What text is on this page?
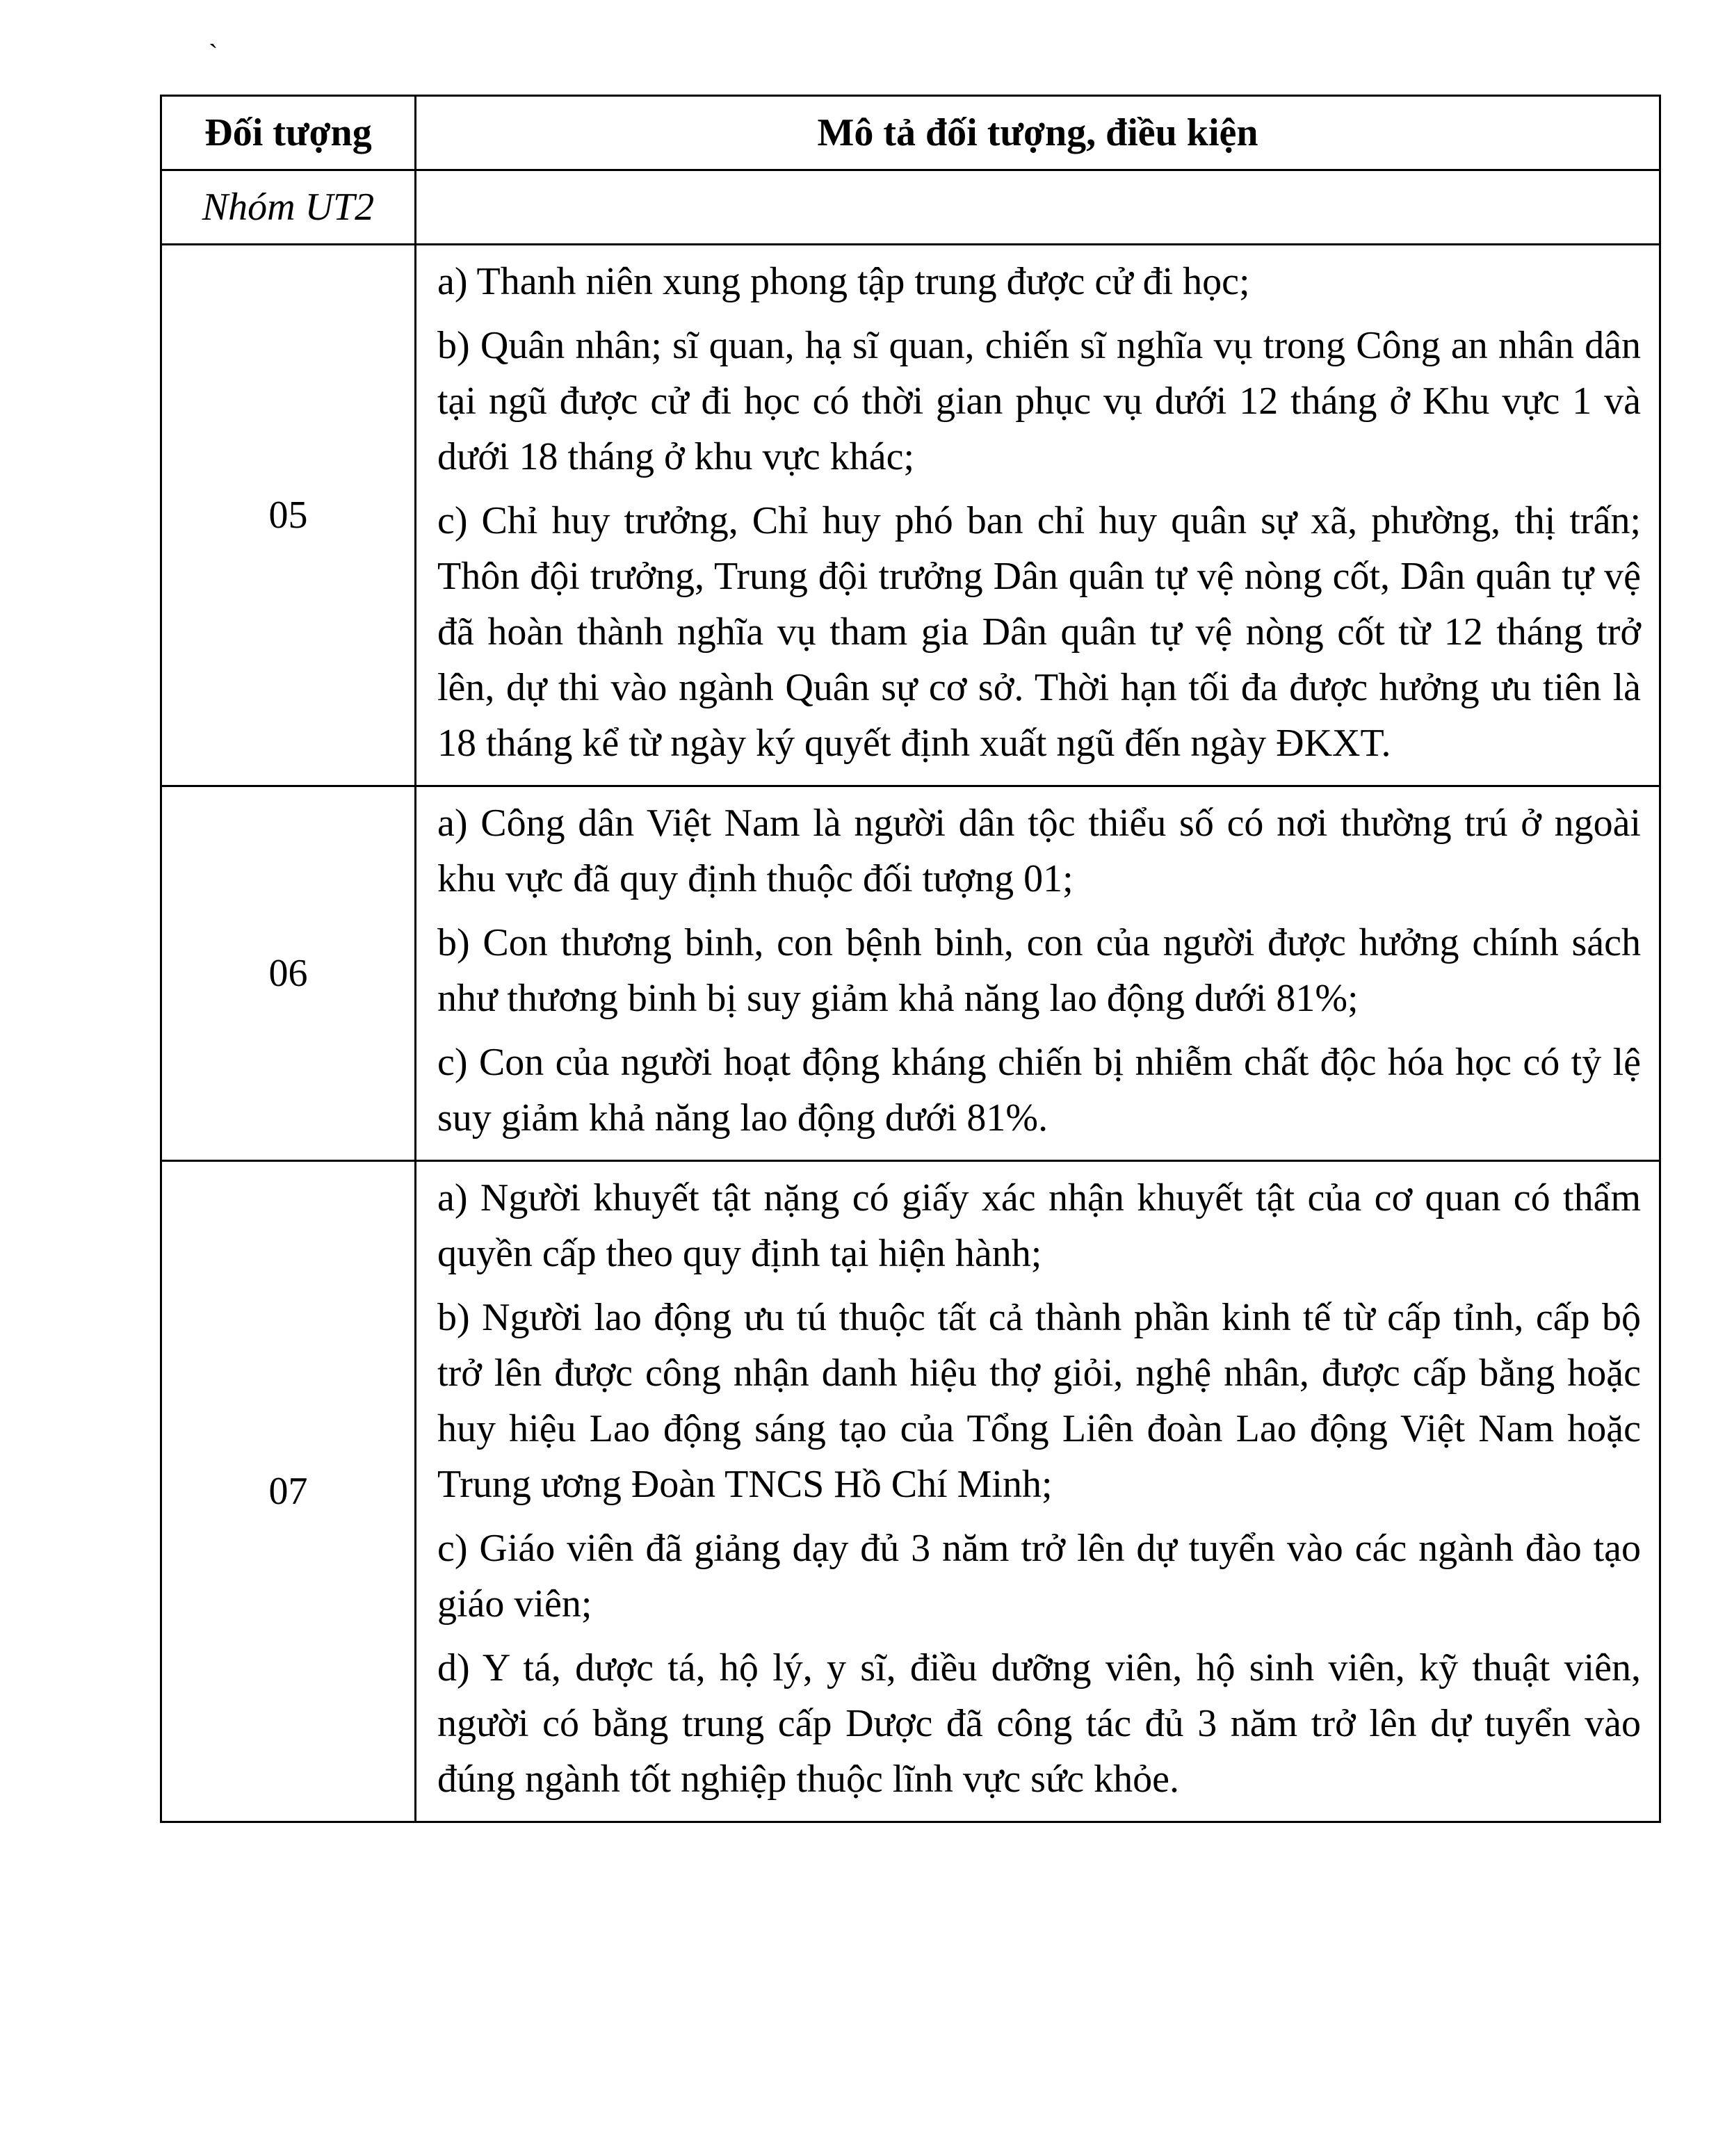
`
Đối tượng	Mô tả đối tượng, điều kiện
Nhóm UT2	
05	a) Thanh niên xung phong tập trung được cử đi học;

b) Quân nhân; sĩ quan, hạ sĩ quan, chiến sĩ nghĩa vụ trong Công an nhân dân tại ngũ được cử đi học có thời gian phục vụ dưới 12 tháng ở Khu vực 1 và dưới 18 tháng ở khu vực khác;

c) Chỉ huy trưởng, Chỉ huy phó ban chỉ huy quân sự xã, phường, thị trấn; Thôn đội trưởng, Trung đội trưởng Dân quân tự vệ nòng cốt, Dân quân tự vệ đã hoàn thành nghĩa vụ tham gia Dân quân tự vệ nòng cốt từ 12 tháng trở lên, dự thi vào ngành Quân sự cơ sở. Thời hạn tối đa được hưởng ưu tiên là 18 tháng kể từ ngày ký quyết định xuất ngũ đến ngày ĐKXT.

06	a) Công dân Việt Nam là người dân tộc thiểu số có nơi thường trú ở ngoài khu vực đã quy định thuộc đối tượng 01;

b) Con thương binh, con bệnh binh, con của người được hưởng chính sách như thương binh bị suy giảm khả năng lao động dưới 81%;

c) Con của người hoạt động kháng chiến bị nhiễm chất độc hóa học có tỷ lệ suy giảm khả năng lao động dưới 81%.

07	a) Người khuyết tật nặng có giấy xác nhận khuyết tật của cơ quan có thẩm quyền cấp theo quy định tại hiện hành;

b) Người lao động ưu tú thuộc tất cả thành phần kinh tế từ cấp tỉnh, cấp bộ trở lên được công nhận danh hiệu thợ giỏi, nghệ nhân, được cấp bằng hoặc huy hiệu Lao động sáng tạo của Tổng Liên đoàn Lao động Việt Nam hoặc Trung ương Đoàn TNCS Hồ Chí Minh;

c) Giáo viên đã giảng dạy đủ 3 năm trở lên dự tuyển vào các ngành đào tạo giáo viên;

d) Y tá, dược tá, hộ lý, y sĩ, điều dưỡng viên, hộ sinh viên, kỹ thuật viên, người có bằng trung cấp Dược đã công tác đủ 3 năm trở lên dự tuyển vào đúng ngành tốt nghiệp thuộc lĩnh vực sức khỏe.
